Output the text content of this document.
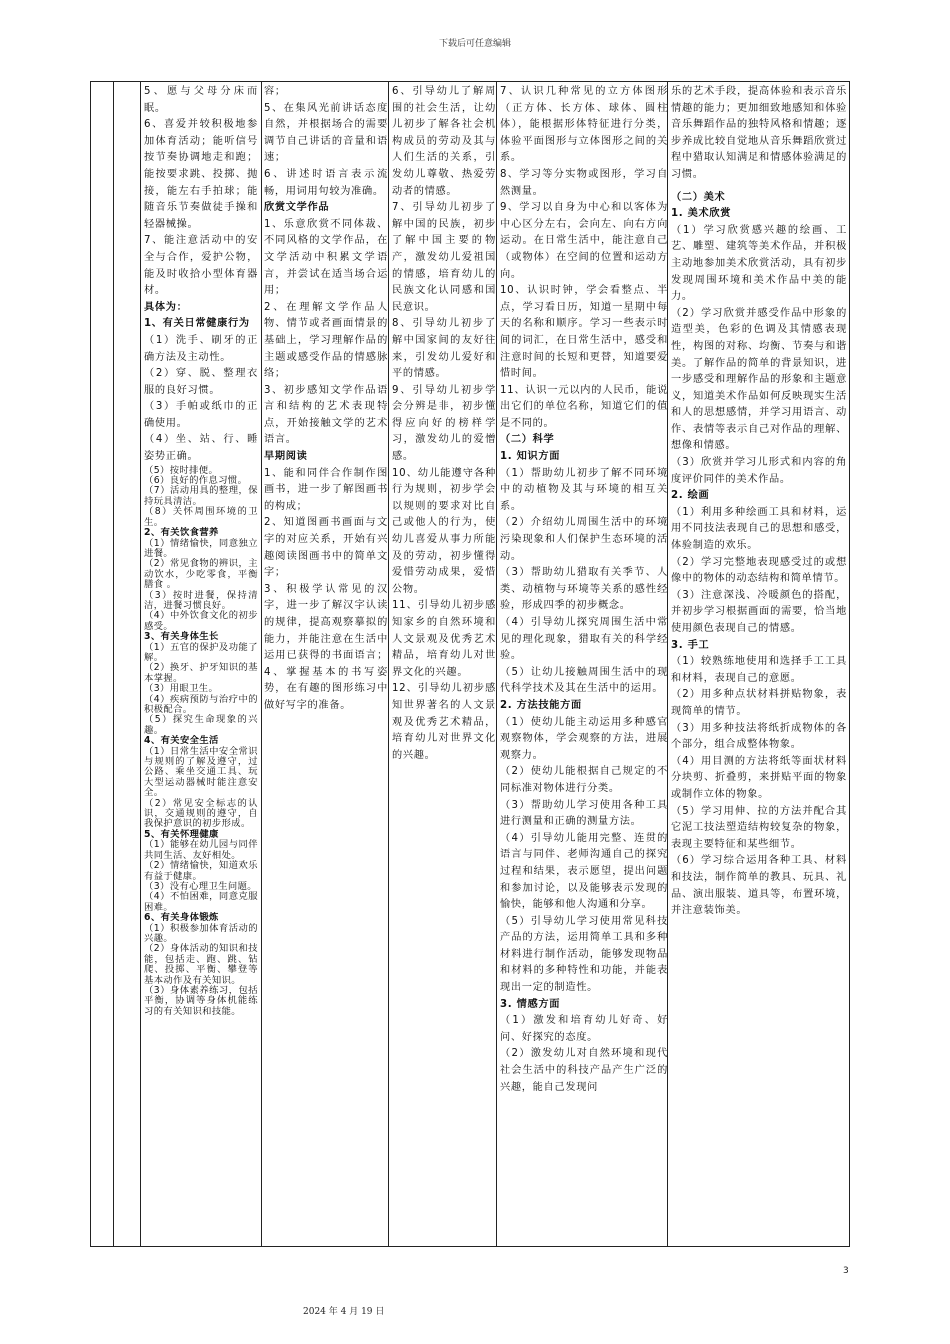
下载后可任意编辑

5、愿与父母分床而眠。

6、喜爱并较积极地参加体育活动；能听信号按节奏协调地走和跑；能按要求跳、投掷、抛接，能左右手拍球；能随音乐节奏做徒手操和轻器械操。

7、能注意活动中的安全与合作，爱护公物，能及时收拾小型体育器材。

具体为：

1、有关日常健康行为

（1）洗手、刷牙的正确方法及主动性。

（2）穿、脱、整理衣服的良好习惯。

（3）手帕或纸巾的正确使用。

（4）坐、站、行、睡姿势正确。

（5）按时排便。

（6）良好的作息习惯。

（7）活动用具的整理，保持玩具清洁。

（8）关怀周围环境的卫生。

2、有关饮食营养

（1）情绪愉快，同意独立进餐。

（2）常见食物的辨识，主动饮水，少吃零食，平衡膳食 。

（3）按时进餐，保持清洁，进餐习惯良好。

（4）中外饮食文化的初步感受。

3、有关身体生长

（1）五官的保护及功能了解。

（2）换牙、护牙知识的基本掌握。

（3）用眼卫生。

（4）疾病预防与治疗中的积极配合。

（5）探究生命现象的兴趣。

4、有关安全生活

（1）日常生活中安全常识与规则的了解及遵守，过公路、乘坐交通工具、玩大型运动器械时能注意安全。

（2）常见安全标志的认识，交通规则的遵守，自我保护意识的初步形成。

5、有关怀理健康

（1）能够在幼儿园与同伴共同生活、友好相处。

（2）情绪愉快，知道欢乐有益于健康。

（3）没有心理卫生问题。

（4）不怕困难，同意克服困难。

6、有关身体锻炼

（1）积极参加体育活动的兴趣。

（2）身体活动的知识和技能，包括走、跑、跳、钻爬、投掷、平衡、攀登等基本动作及有关知识。

（3）身体素养练习，包括平衡，协调等身体机能练习的有关知识和技能。

容；

5、在集风光前讲话态度自然，并根据场合的需要调节自己讲话的音量和语速；

6、讲述时语言表示流畅，用词用句较为准确。

欣赏文学作品

1、乐意欣赏不同体裁、不同风格的文学作品，在文学活动中积累文学语言，并尝试在适当场合运用；

2、在理解文学作品人物、情节或者画面情景的基础上，学习理解作品的主题或感受作品的情感脉络；

3、初步感知文学作品语言和结构的艺术表现特点，开始接触文学的艺术语言。

早期阅读

1、能和同伴合作制作图画书，进一步了解图画书的构成；

2、知道图画书画面与文字的对应关系，开始有兴趣阅读图画书中的简单文字；

3、积极学认常见的汉字，进一步了解汉字认读的规律，提高观察摹拟的能力，并能注意在生活中运用已获得的书面语言；4、掌握基本的书写姿势，在有趣的图形练习中做好写字的准备。

6、引导幼儿了解周围的社会生活，让幼儿初步了解各社会机构成员的劳动及其与人们生活的关系，引发幼儿尊敬、热爱劳动者的情感。

7、引导幼儿初步了解中国的民族，初步了解中国主要的物产，激发幼儿爱祖国的情感，培育幼儿的民族文化认同感和国民意识。

8、引导幼儿初步了解中国家间的友好往来，引发幼儿爱好和平的情感。

9、引导幼儿初步学会分辨是非，初步懂得应向好的榜样学习，激发幼儿的爱憎感。

10、幼儿能遵守各种行为规则，初步学会以规则的要求对比自己或他人的行为，使幼儿喜爱从事力所能及的劳动，初步懂得爱惜劳动成果，爱惜公物。

11、引导幼儿初步感知家乡的自然环境和人文景观及优秀艺术精品，培育幼儿对世界文化的兴趣。

12、引导幼儿初步感知世界著名的人文景观及优秀艺术精品，培育幼儿对世界文化的兴趣。

7、认识几种常见的立方体图形（正方体、长方体、球体、圆柱体），能根据形体特征进行分类，体验平面图形与立体图形之间的关系。

8、学习等分实物或图形，学习自然测量。

9、学习以自身为中心和以客体为中心区分左右，会向左、向右方向运动。在日常生活中，能注意自己（或物体）在空间的位置和运动方向。

10、认识时钟，学会看整点、半点，学习看日历，知道一星期中每天的名称和顺序。学习一些表示时间的词汇，在日常生活中，感受和注意时间的长短和更替，知道要爱惜时间。

11、认识一元以内的人民币，能说出它们的单位名称，知道它们的值是不同的。

（二）科学

1. 知识方面

（1）帮助幼儿初步了解不同环境中的动植物及其与环境的相互关系。

（2）介绍幼儿周围生活中的环境污染现象和人们保护生态环境的活动。

（3）帮助幼儿猎取有关季节、人类、动植物与环境等关系的感性经验，形成四季的初步概念。

（4）引导幼儿探究周围生活中常见的理化现象，猎取有关的科学经验。

（5）让幼儿接触周围生活中的现代科学技术及其在生活中的运用。

2. 方法技能方面

（1）使幼儿能主动运用多种感官观察物体，学会观察的方法，进展观察力。

（2）使幼儿能根据自己规定的不同标准对物体进行分类。

（3）帮助幼儿学习使用各种工具进行测量和正确的测量方法。

（4）引导幼儿能用完整、连贯的语言与同伴、老师沟通自己的探究过程和结果，表示愿望，提出问题和参加讨论，以及能够表示发现的愉快，能够和他人沟通和分享。

（5）引导幼儿学习使用常见科技产品的方法，运用简单工具和多种材料进行制作活动，能够发现物品和材料的多种特性和功能，并能表现出一定的制造性。

3. 情感方面

（1）激发和培育幼儿好奇、好问、好探究的态度。

（2）激发幼儿对自然环境和现代社会生活中的科技产品产生广泛的兴趣，能自己发现问

乐的艺术手段，提高体验和表示音乐情趣的能力；更加细致地感知和体验音乐舞蹈作品的独特风格和情趣；逐步养成比较自觉地从音乐舞蹈欣赏过程中猎取认知满足和情感体验满足的习惯。

（二）美术

1. 美术欣赏

（1）学习欣赏感兴趣的绘画、工艺、雕塑、建筑等美术作品，并积极主动地参加美术欣赏活动，具有初步发现周围环境和美术作品中美的能力。

（2）学习欣赏并感受作品中形象的造型美，色彩的色调及其情感表现性，构图的对称、均衡、节奏与和谐美。了解作品的简单的背景知识，进一步感受和理解作品的形象和主题意义，知道美术作品如何反映现实生活和人的思想感情，并学习用语言、动作、表情等表示自己对作品的理解、想像和情感。

（3）欣赏并学习儿形式和内容的角度评价同伴的美术作品。

2. 绘画

（1）利用多种绘画工具和材料，运用不同技法表现自己的思想和感受，体验制造的欢乐。

（2）学习完整地表现感受过的或想像中的物体的动态结构和简单情节。

（3）注意深浅、冷暖颜色的搭配，并初步学习根据画面的需要，恰当地使用颜色表现自己的情感。

3. 手工

（1）较熟练地使用和选择手工工具和材料，表现自己的意愿。

（2）用多种点状材料拼贴物象，表现简单的情节。

（3）用多种技法将纸折成物体的各个部分，组合成整体物象。

（4）用目测的方法将纸等面状材料分块剪、折叠剪，来拼贴平面的物象或制作立体的物象。

（5）学习用伸、拉的方法并配合其它泥工技法塑造结构较复杂的物象，表现主要特征和某些细节。

（6）学习综合运用各种工具、材料和技法，制作简单的教具、玩具、礼品、演出服装、道具等，布置环境，并注意装饰美。

3
2024 年 4 月 19 日
